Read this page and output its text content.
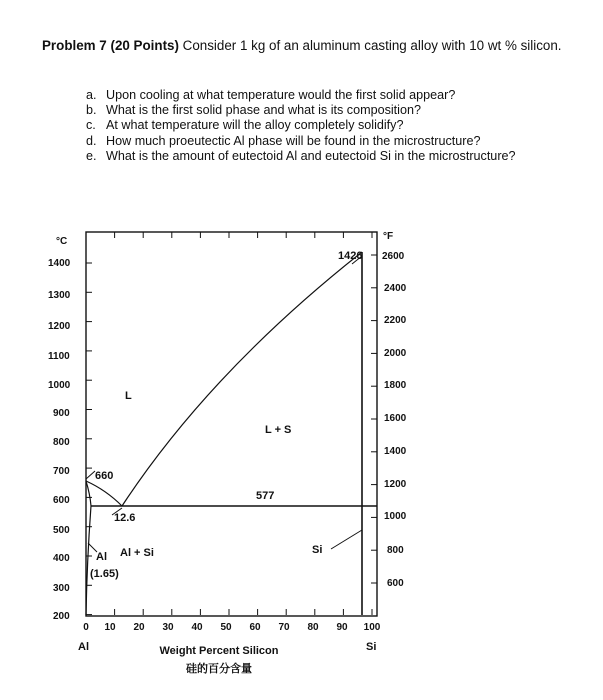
Problem 7 (20 Points) Consider 1 kg of an aluminum casting alloy with 10 wt % silicon.
a. Upon cooling at what temperature would the first solid appear?
b. What is the first solid phase and what is its composition?
c. At what temperature will the alloy completely solidify?
d. How much proeutectic Al phase will be found in the microstructure?
e. What is the amount of eutectoid Al and eutectoid Si in the microstructure?
°C	°F
1400
1300
1200
1100
1000
900
800
700
600
500
400
300
200
2600
2400
2200
2000
1800
1600
1400
1200
1000
800
600
0 10 20 30 40 50 60 70 80 90 100
Al	Si
Weight Percent Silicon
硅的百分含量
L
L + S
Al + Si
Al
(1.65)
Si
577
12.6
660
1426
